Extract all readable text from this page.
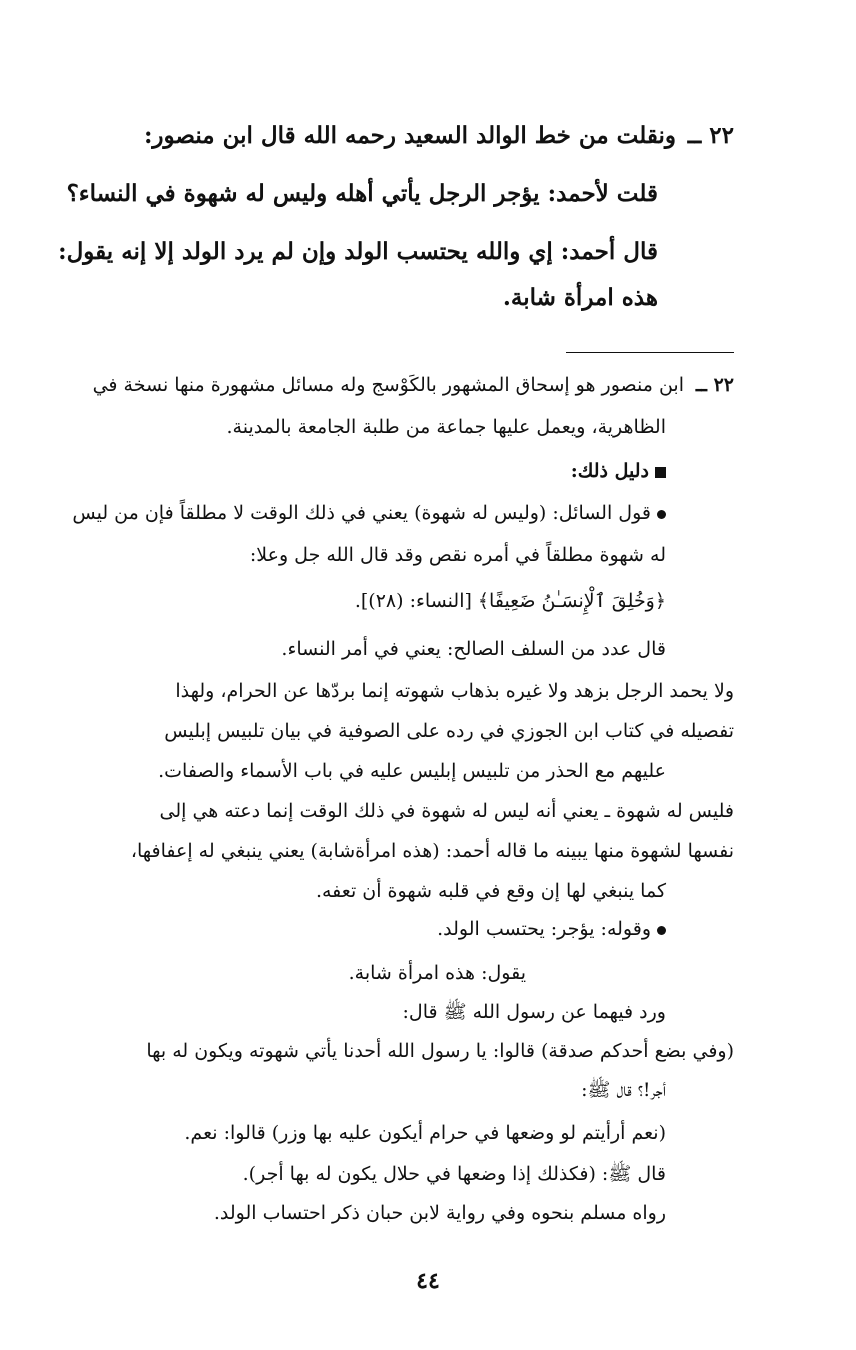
٢٢ ــ
ونقلت من خط الوالد السعيد رحمه الله قال ابن منصور:
قلت لأحمد: يؤجر الرجل يأتي أهله وليس له شهوة في النساء؟
قال أحمد: إي والله يحتسب الولد وإن لم يرد الولد إلا إنه يقول:
هذه امرأة شابة.
٢٢ ــ
ابن منصور هو إسحاق المشهور بالكَوْسج وله مسائل مشهورة منها نسخة في
الظاهرية، ويعمل عليها جماعة من طلبة الجامعة بالمدينة.
دليل ذلك:
قول السائل: (وليس له شهوة) يعني في ذلك الوقت لا مطلقاً فإن من ليس
له شهوة مطلقاً في أمره نقص وقد قال الله جل وعلا:
﴿وَخُلِقَ ٱلْإِنسَـٰنُ ضَعِيفًا﴾ [النساء: (٢٨)].
قال عدد من السلف الصالح: يعني في أمر النساء.
ولا يحمد الرجل بزهد ولا غيره بذهاب شهوته إنما بردّها عن الحرام، ولهذا
تفصيله في كتاب ابن الجوزي في رده على الصوفية في بيان تلبيس إبليس
عليهم مع الحذر من تلبيس إبليس عليه في باب الأسماء والصفات.
فليس له شهوة ـ يعني أنه ليس له شهوة في ذلك الوقت إنما دعته هي إلى
نفسها لشهوة منها يبينه ما قاله أحمد: (هذه امرأةشابة) يعني ينبغي له إعفافها،
كما ينبغي لها إن وقع في قلبه شهوة أن تعفه.
وقوله: يؤجر: يحتسب الولد.
يقول: هذه امرأة شابة.
ورد فيهما عن رسول الله ﷺ قال:
(وفي بضع أحدكم صدقة) قالوا: يا رسول الله أحدنا يأتي شهوته ويكون له بها
أجر!؟ قال ﷺ:
(نعم أرأيتم لو وضعها في حرام أيكون عليه بها وزر) قالوا: نعم.
قال ﷺ: (فكذلك إذا وضعها في حلال يكون له بها أجر).
رواه مسلم بنحوه وفي رواية لابن حبان ذكر احتساب الولد.
٤٤
